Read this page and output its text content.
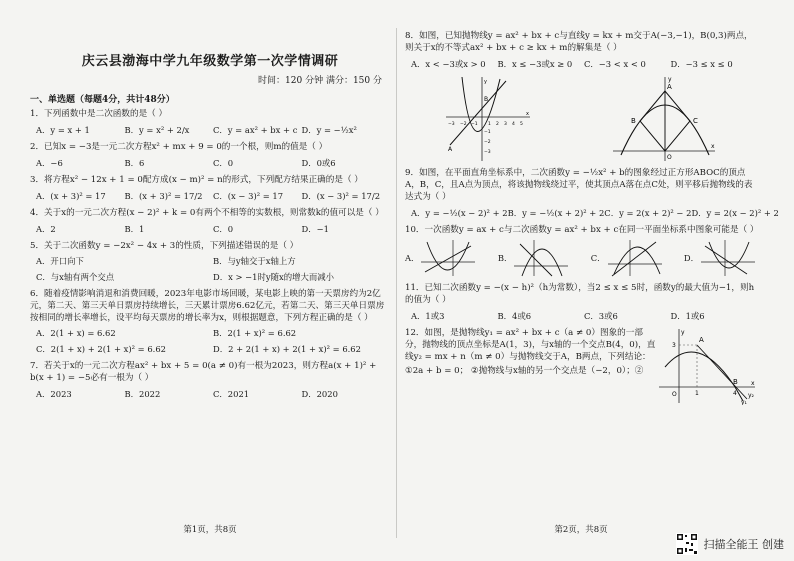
庆云县渤海中学九年级数学第一次学情调研
时间：120 分钟 满分：150 分
一、单选题（每题4分，共计48分）
1．下列函数中是二次函数的是（ ）
A．y = x + 1	B．y = x² + 2/x	C．y = ax² + bx + c D．y = −½x²
2．已知x = −3是一元二次方程x² + mx + 9 = 0的一个根，则m的值是（ ）
A．−6	B．6	C．0	D．0或6
3．将方程x² − 12x + 1 = 0配方成(x − m)² = n的形式，下列配方结果正确的是（ ）
A．(x + 3)² = 17	B．(x + 3)² = 17/2	C．(x − 3)² = 17	D．(x − 3)² = 17/2
4．关于x的一元二次方程(x − 2)² + k = 0有两个不相等的实数根，则常数k的值可以是（ ）
A．2	B．1	C．0	D．−1
5．关于二次函数y = −2x² − 4x + 3的性质，下列描述错误的是（ ）
A．开口向下	B．与y轴交于x轴上方
C．与x轴有两个交点	D．x > −1时y随x的增大而减小
6．随着疫情影响消退和消费回暖，2023年电影市场回暖，某电影上映的第一天票房约为2亿元，第二天、第三天单日票房持续增长，三天累计票房6.62亿元，若第二天、第三天单日票房按相同的增长率增长，设平均每天票房的增长率为x，则根据题意，下列方程正确的是（ ）
A．2(1 + x) = 6.62	B．2(1 + x)² = 6.62
C．2(1 + x) + 2(1 + x)² = 6.62	D．2 + 2(1 + x) + 2(1 + x)² = 6.62
7．若关于x的一元二次方程ax² + bx + 5 = 0(a ≠ 0)有一根为2023，则方程a(x + 1)² + b(x + 1) = −5必有一根为（ ）
A．2023	B．2022	C．2021	D．2020
第1页，共8页
8．如图，已知抛物线y = ax² + bx + c与直线y = kx + m交于A(−3,−1)，B(0,3)两点，则关于x的不等式ax² + bx + c ≥ kx + m的解集是（ ）
A．x < −3或x > 0	B．x ≤ −3或x ≥ 0	C．−3 < x < 0	D．−3 ≤ x ≤ 0
−3 −2 −1 1 2 3 4 5
A
B
x
y
−1
−2
−3
A
B	C
O
x
y
9．如图，在平面直角坐标系中，二次函数y = −½x² + b的图象经过正方形ABOC的顶点A，B，C，且A点为顶点，将该抛物线绕过平，使其顶点A落在点C处，则平移后抛物线的表达式为（ ）
A．y = −½(x − 2)² + 2 B．y = −½(x + 2)² + 2 C．y = 2(x + 2)² − 2 D．y = 2(x − 2)² + 2
10．一次函数y = ax + c与二次函数y = ax² + bx + c在同一平面坐标系中图象可能是（ ）
A．	B．	C．	D．
11．已知二次函数y = −(x − h)²（h为常数），当2 ≤ x ≤ 5时，函数y的最大值为−1，则h的值为（ ）
A．1或3	B．4或6	C．3或6	D．1或6
12．如图，是抛物线y₁ = ax² + bx + c（a ≠ 0）图象的一部分，抛物线的顶点坐标是A(1，3)，与x轴的一个交点B(4，0)，直线y₂ = mx + n（m ≠ 0）与抛物线交于A，B两点，下列结论：
①2a + b = 0； ②抛物线与x轴的另一个交点是（−2，0）；②
A
B
O
x
y
3
1	4
y₁
y₂
第2页，共8页
扫描全能王 创建
